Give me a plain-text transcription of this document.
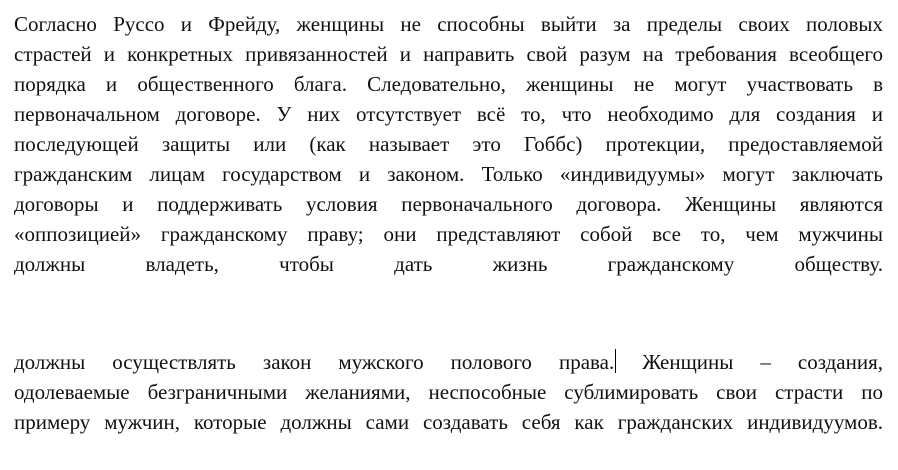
Согласно Руссо и Фрейду, женщины не способны выйти за пределы своих половых
страстей и конкретных привязанностей и направить свой разум на требования всеобщего
порядка и общественного блага. Следовательно, женщины не могут участвовать в
первоначальном договоре. У них отсутствует всё то, что необходимо для создания и
последующей защиты или (как называет это Гоббс) протекции, предоставляемой
гражданским лицам государством и законом. Только «индивидуумы» могут заключать
договоры и поддерживать условия первоначального договора. Женщины являются
«оппозицией» гражданскому праву; они представляют собой все то, чем мужчины
должны владеть, чтобы дать жизнь гражданскому обществу.
должны осуществлять закон мужского полового права. Женщины – создания,
одолеваемые безграничными желаниями, неспособные сублимировать свои страсти по
примеру мужчин, которые должны сами создавать себя как гражданских индивидуумов.
